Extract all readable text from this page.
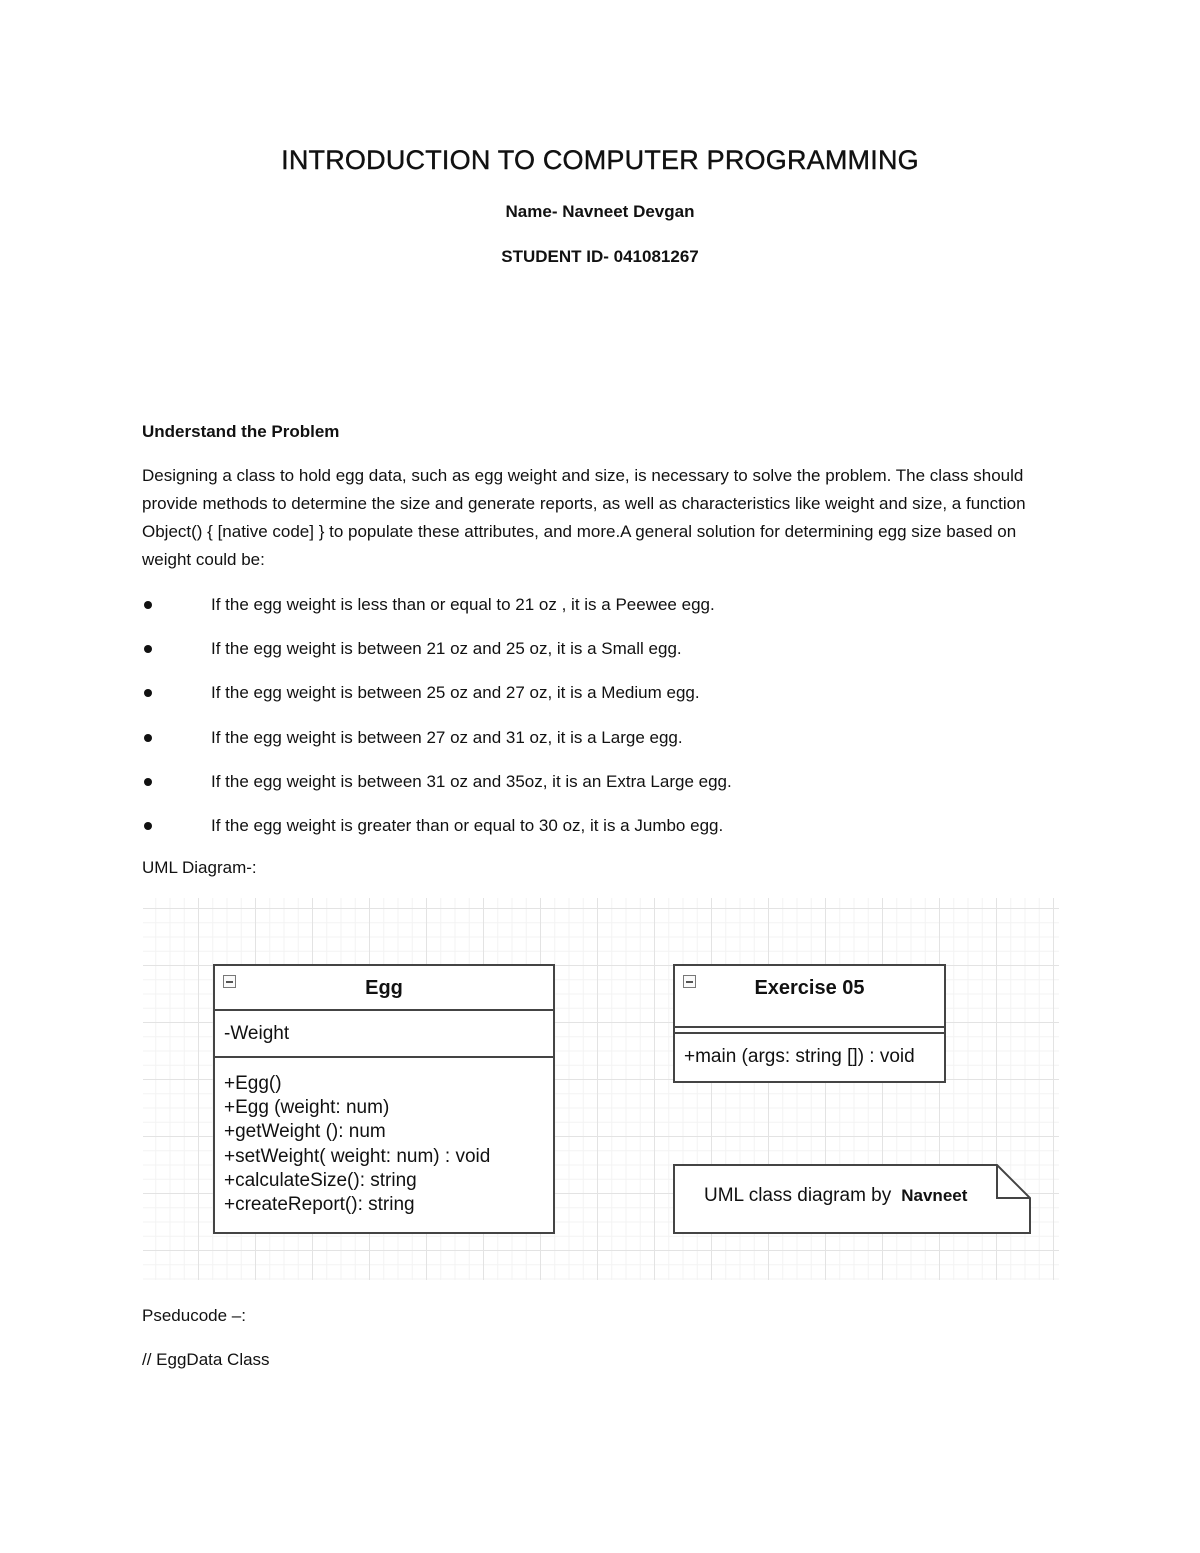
INTRODUCTION TO COMPUTER PROGRAMMING
Name- Navneet Devgan
STUDENT ID- 041081267
Understand the Problem
Designing a class to hold egg data, such as egg weight and size, is necessary to solve the problem. The class should provide methods to determine the size and generate reports, as well as characteristics like weight and size, a function Object() { [native code] } to populate these attributes, and more.A general solution for determining egg size based on weight could be:
If the egg weight is less than or equal to 21 oz , it is a Peewee egg.
If the egg weight is between 21 oz and 25 oz, it is a Small egg.
If the egg weight is between 25 oz and 27 oz, it is a Medium egg.
If the egg weight is between 27 oz and 31 oz, it is a Large egg.
If the egg weight is between 31 oz and 35oz, it is an Extra Large egg.
If the egg weight is greater than or equal to 30 oz, it is a Jumbo egg.
UML Diagram-:
Egg
-Weight
+Egg()
+Egg (weight: num)
+getWeight (): num
+setWeight( weight: num) : void
+calculateSize(): string
+createReport(): string
Exercise 05
+main (args: string []) : void
UML class diagram by Navneet
Pseducode –:
// EggData Class
